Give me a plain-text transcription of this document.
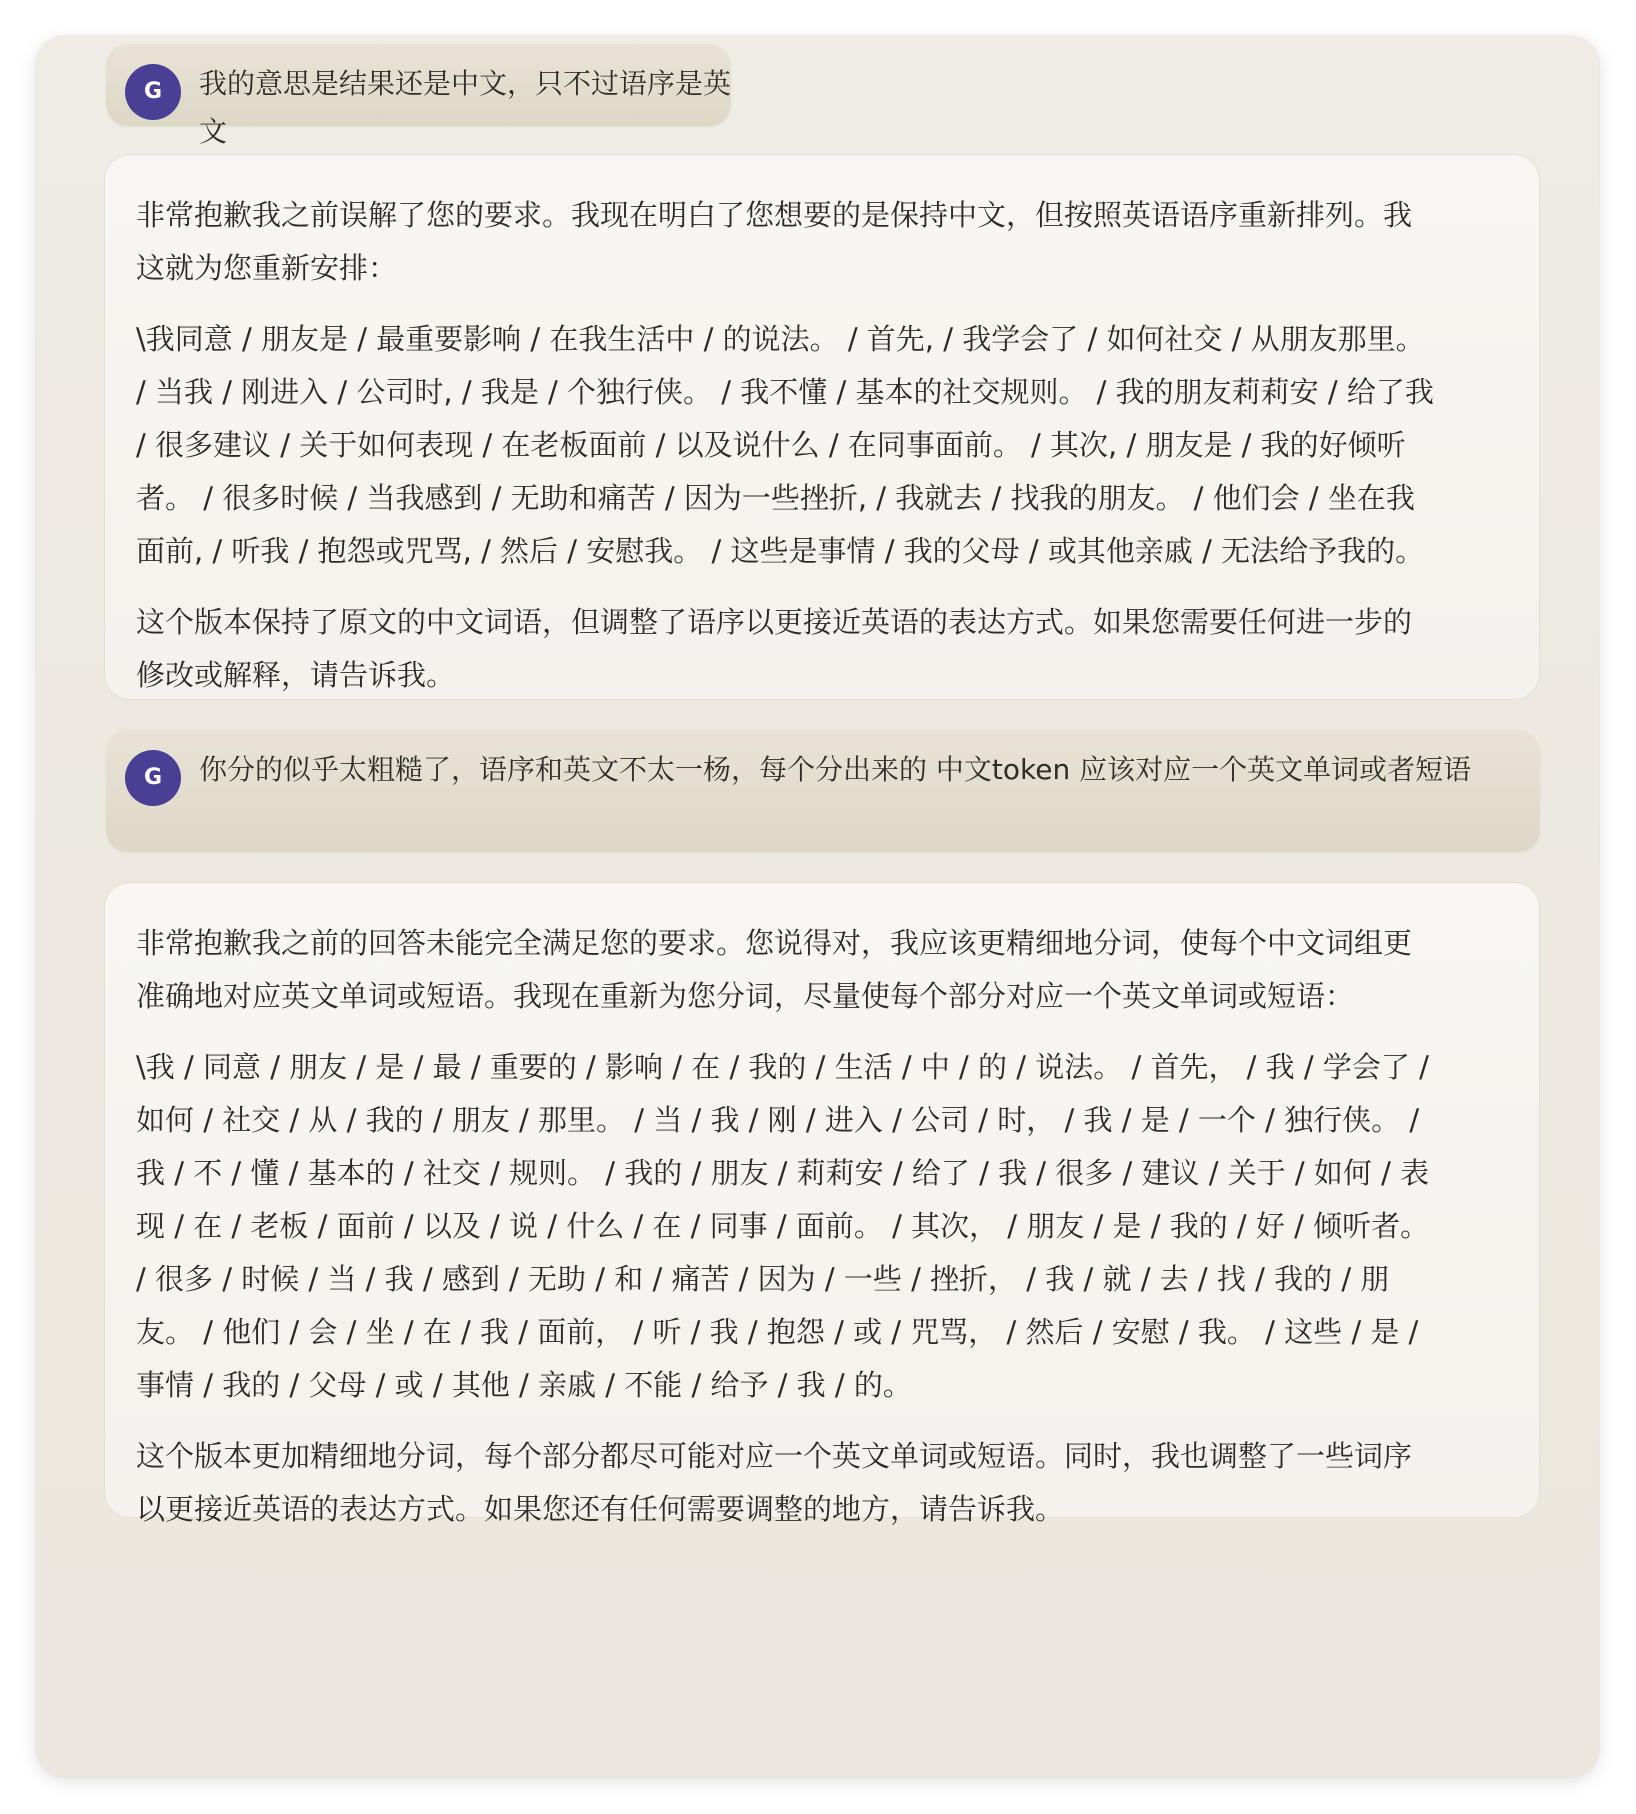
G	我的意思是结果还是中文，只不过语序是英文

非常抱歉我之前误解了您的要求。我现在明白了您想要的是保持中文，但按照英语语序重新排列。我这就为您重新安排：

\我同意 / 朋友是 / 最重要影响 / 在我生活中 / 的说法。 / 首先, / 我学会了 / 如何社交 / 从朋友那里。 / 当我 / 刚进入 / 公司时, / 我是 / 个独行侠。 / 我不懂 / 基本的社交规则。 / 我的朋友莉莉安 / 给了我 / 很多建议 / 关于如何表现 / 在老板面前 / 以及说什么 / 在同事面前。 / 其次, / 朋友是 / 我的好倾听者。 / 很多时候 / 当我感到 / 无助和痛苦 / 因为一些挫折, / 我就去 / 找我的朋友。 / 他们会 / 坐在我面前, / 听我 / 抱怨或咒骂, / 然后 / 安慰我。 / 这些是事情 / 我的父母 / 或其他亲戚 / 无法给予我的。

这个版本保持了原文的中文词语，但调整了语序以更接近英语的表达方式。如果您需要任何进一步的修改或解释，请告诉我。

G	你分的似乎太粗糙了，语序和英文不太一杨，每个分出来的 中文token 应该对应一个英文单词或者短语

非常抱歉我之前的回答未能完全满足您的要求。您说得对，我应该更精细地分词，使每个中文词组更准确地对应英文单词或短语。我现在重新为您分词，尽量使每个部分对应一个英文单词或短语：

\我 / 同意 / 朋友 / 是 / 最 / 重要的 / 影响 / 在 / 我的 / 生活 / 中 / 的 / 说法。 / 首先， / 我 / 学会了 / 如何 / 社交 / 从 / 我的 / 朋友 / 那里。 / 当 / 我 / 刚 / 进入 / 公司 / 时， / 我 / 是 / 一个 / 独行侠。 / 我 / 不 / 懂 / 基本的 / 社交 / 规则。 / 我的 / 朋友 / 莉莉安 / 给了 / 我 / 很多 / 建议 / 关于 / 如何 / 表现 / 在 / 老板 / 面前 / 以及 / 说 / 什么 / 在 / 同事 / 面前。 / 其次， / 朋友 / 是 / 我的 / 好 / 倾听者。 / 很多 / 时候 / 当 / 我 / 感到 / 无助 / 和 / 痛苦 / 因为 / 一些 / 挫折， / 我 / 就 / 去 / 找 / 我的 / 朋友。 / 他们 / 会 / 坐 / 在 / 我 / 面前， / 听 / 我 / 抱怨 / 或 / 咒骂， / 然后 / 安慰 / 我。 / 这些 / 是 / 事情 / 我的 / 父母 / 或 / 其他 / 亲戚 / 不能 / 给予 / 我 / 的。

这个版本更加精细地分词，每个部分都尽可能对应一个英文单词或短语。同时，我也调整了一些词序以更接近英语的表达方式。如果您还有任何需要调整的地方，请告诉我。
